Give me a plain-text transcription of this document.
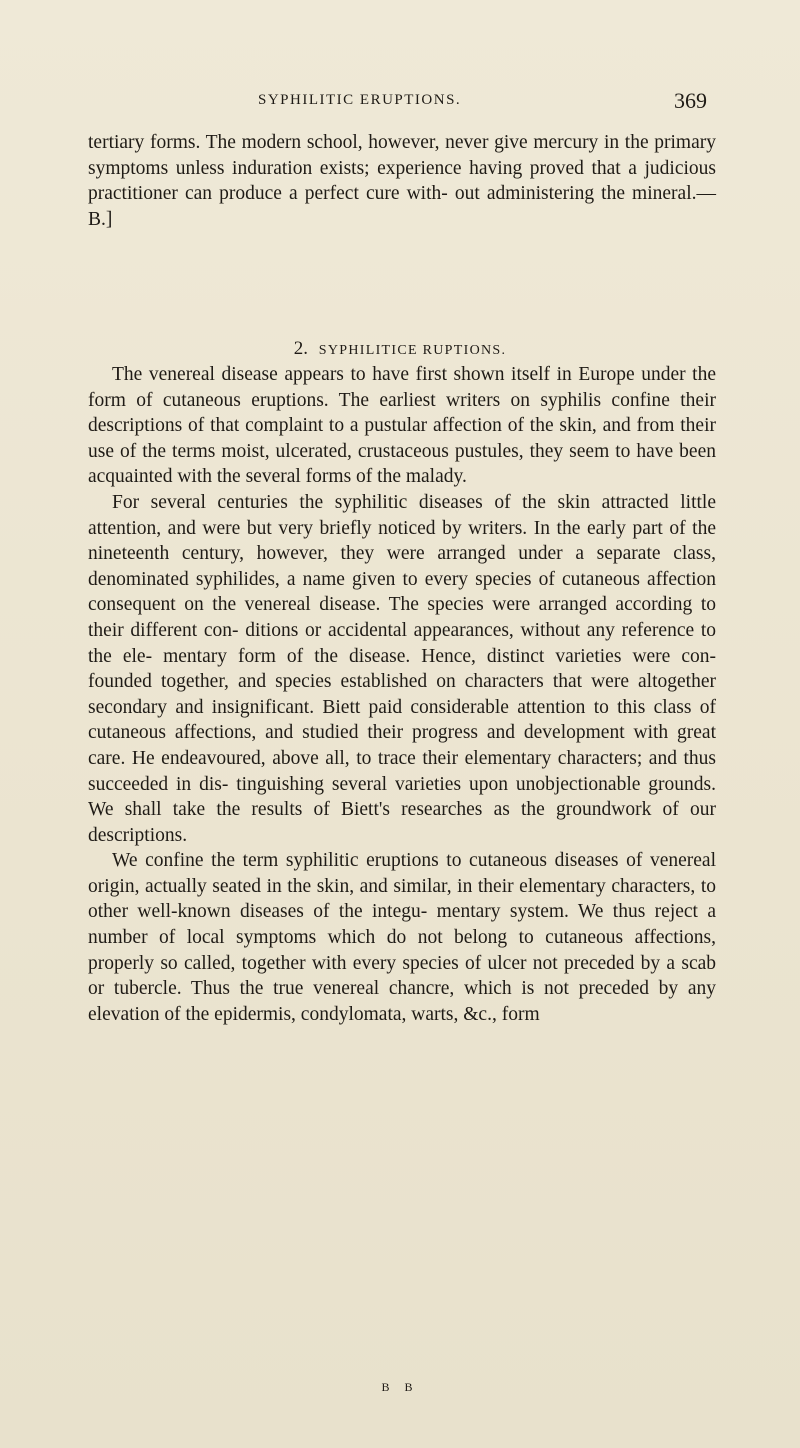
SYPHILITIC ERUPTIONS.	369

tertiary forms. The modern school, however, never give mercury in the primary symptoms unless induration exists; experience having proved that a judicious practitioner can produce a perfect cure with- out administering the mineral.—B.]

2. SYPHILITICE RUPTIONS.

The venereal disease appears to have first shown itself in Europe under the form of cutaneous eruptions. The earliest writers on syphilis confine their descriptions of that complaint to a pustular affection of the skin, and from their use of the terms moist, ulcerated, crustaceous pustules, they seem to have been acquainted with the several forms of the malady.

For several centuries the syphilitic diseases of the skin attracted little attention, and were but very briefly noticed by writers. In the early part of the nineteenth century, however, they were arranged under a separate class, denominated syphilides, a name given to every species of cutaneous affection consequent on the venereal disease. The species were arranged according to their different con- ditions or accidental appearances, without any reference to the ele- mentary form of the disease. Hence, distinct varieties were con- founded together, and species established on characters that were altogether secondary and insignificant. Biett paid considerable attention to this class of cutaneous affections, and studied their progress and development with great care. He endeavoured, above all, to trace their elementary characters; and thus succeeded in dis- tinguishing several varieties upon unobjectionable grounds. We shall take the results of Biett's researches as the groundwork of our descriptions.

We confine the term syphilitic eruptions to cutaneous diseases of venereal origin, actually seated in the skin, and similar, in their elementary characters, to other well-known diseases of the integu- mentary system. We thus reject a number of local symptoms which do not belong to cutaneous affections, properly so called, together with every species of ulcer not preceded by a scab or tubercle. Thus the true venereal chancre, which is not preceded by any elevation of the epidermis, condylomata, warts, &c., form

B B
